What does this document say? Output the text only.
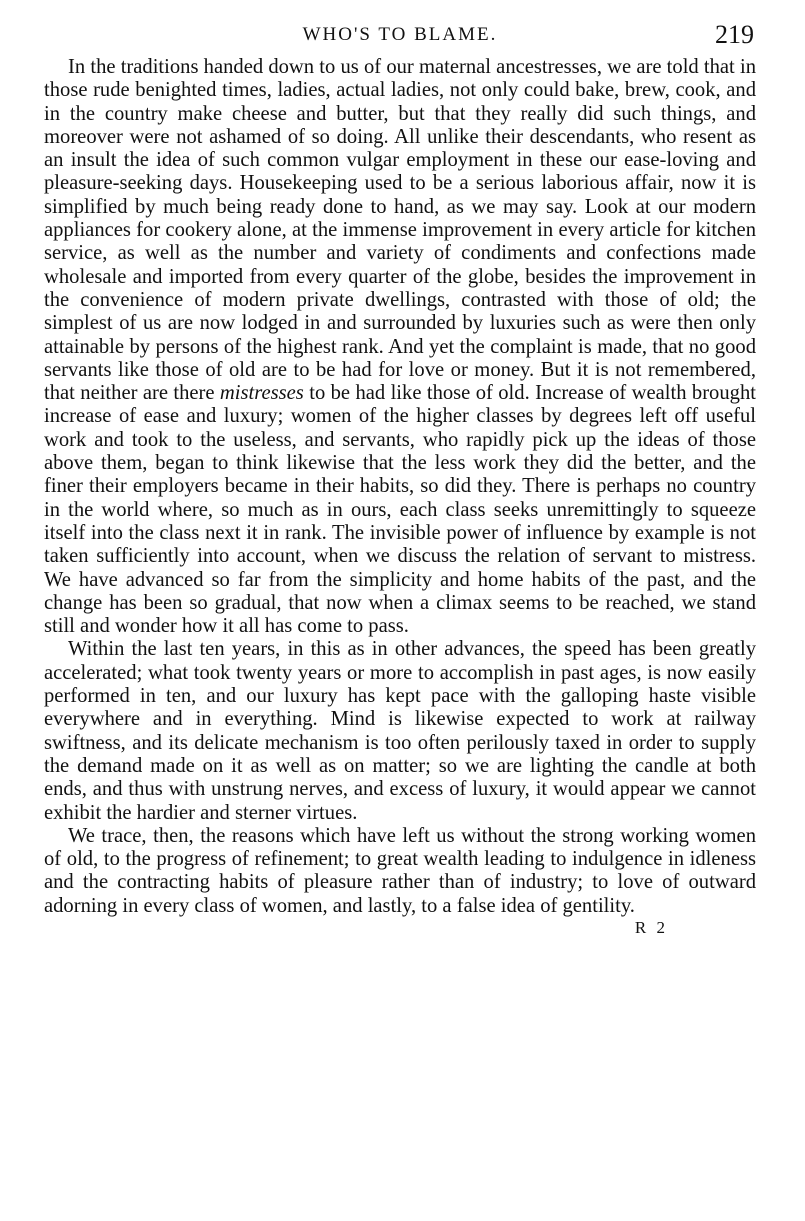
WHO'S TO BLAME.	219

In the traditions handed down to us of our maternal ancestresses, we are told that in those rude benighted times, ladies, actual ladies, not only could bake, brew, cook, and in the country make cheese and butter, but that they really did such things, and moreover were not ashamed of so doing. All unlike their descendants, who resent as an insult the idea of such common vulgar employment in these our ease-loving and pleasure-seeking days. Housekeeping used to be a serious laborious affair, now it is simplified by much being ready done to hand, as we may say. Look at our modern appliances for cookery alone, at the immense improvement in every article for kitchen service, as well as the number and variety of condiments and confections made wholesale and imported from every quarter of the globe, besides the improvement in the convenience of modern private dwellings, contrasted with those of old; the simplest of us are now lodged in and surrounded by luxuries such as were then only attainable by persons of the highest rank. And yet the complaint is made, that no good servants like those of old are to be had for love or money. But it is not remembered, that neither are there mistresses to be had like those of old. Increase of wealth brought increase of ease and luxury; women of the higher classes by degrees left off useful work and took to the useless, and servants, who rapidly pick up the ideas of those above them, began to think likewise that the less work they did the better, and the finer their employers became in their habits, so did they. There is perhaps no country in the world where, so much as in ours, each class seeks unremittingly to squeeze itself into the class next it in rank. The invisible power of influence by example is not taken sufficiently into account, when we discuss the relation of servant to mistress. We have advanced so far from the simplicity and home habits of the past, and the change has been so gradual, that now when a climax seems to be reached, we stand still and wonder how it all has come to pass.

Within the last ten years, in this as in other advances, the speed has been greatly accelerated; what took twenty years or more to accomplish in past ages, is now easily performed in ten, and our luxury has kept pace with the galloping haste visible everywhere and in everything. Mind is likewise expected to work at railway swiftness, and its delicate mechanism is too often perilously taxed in order to supply the demand made on it as well as on matter; so we are lighting the candle at both ends, and thus with unstrung nerves, and excess of luxury, it would appear we cannot exhibit the hardier and sterner virtues.

We trace, then, the reasons which have left us without the strong working women of old, to the progress of refinement; to great wealth leading to indulgence in idleness and the contracting habits of pleasure rather than of industry; to love of outward adorning in every class of women, and lastly, to a false idea of gentility.

R 2
